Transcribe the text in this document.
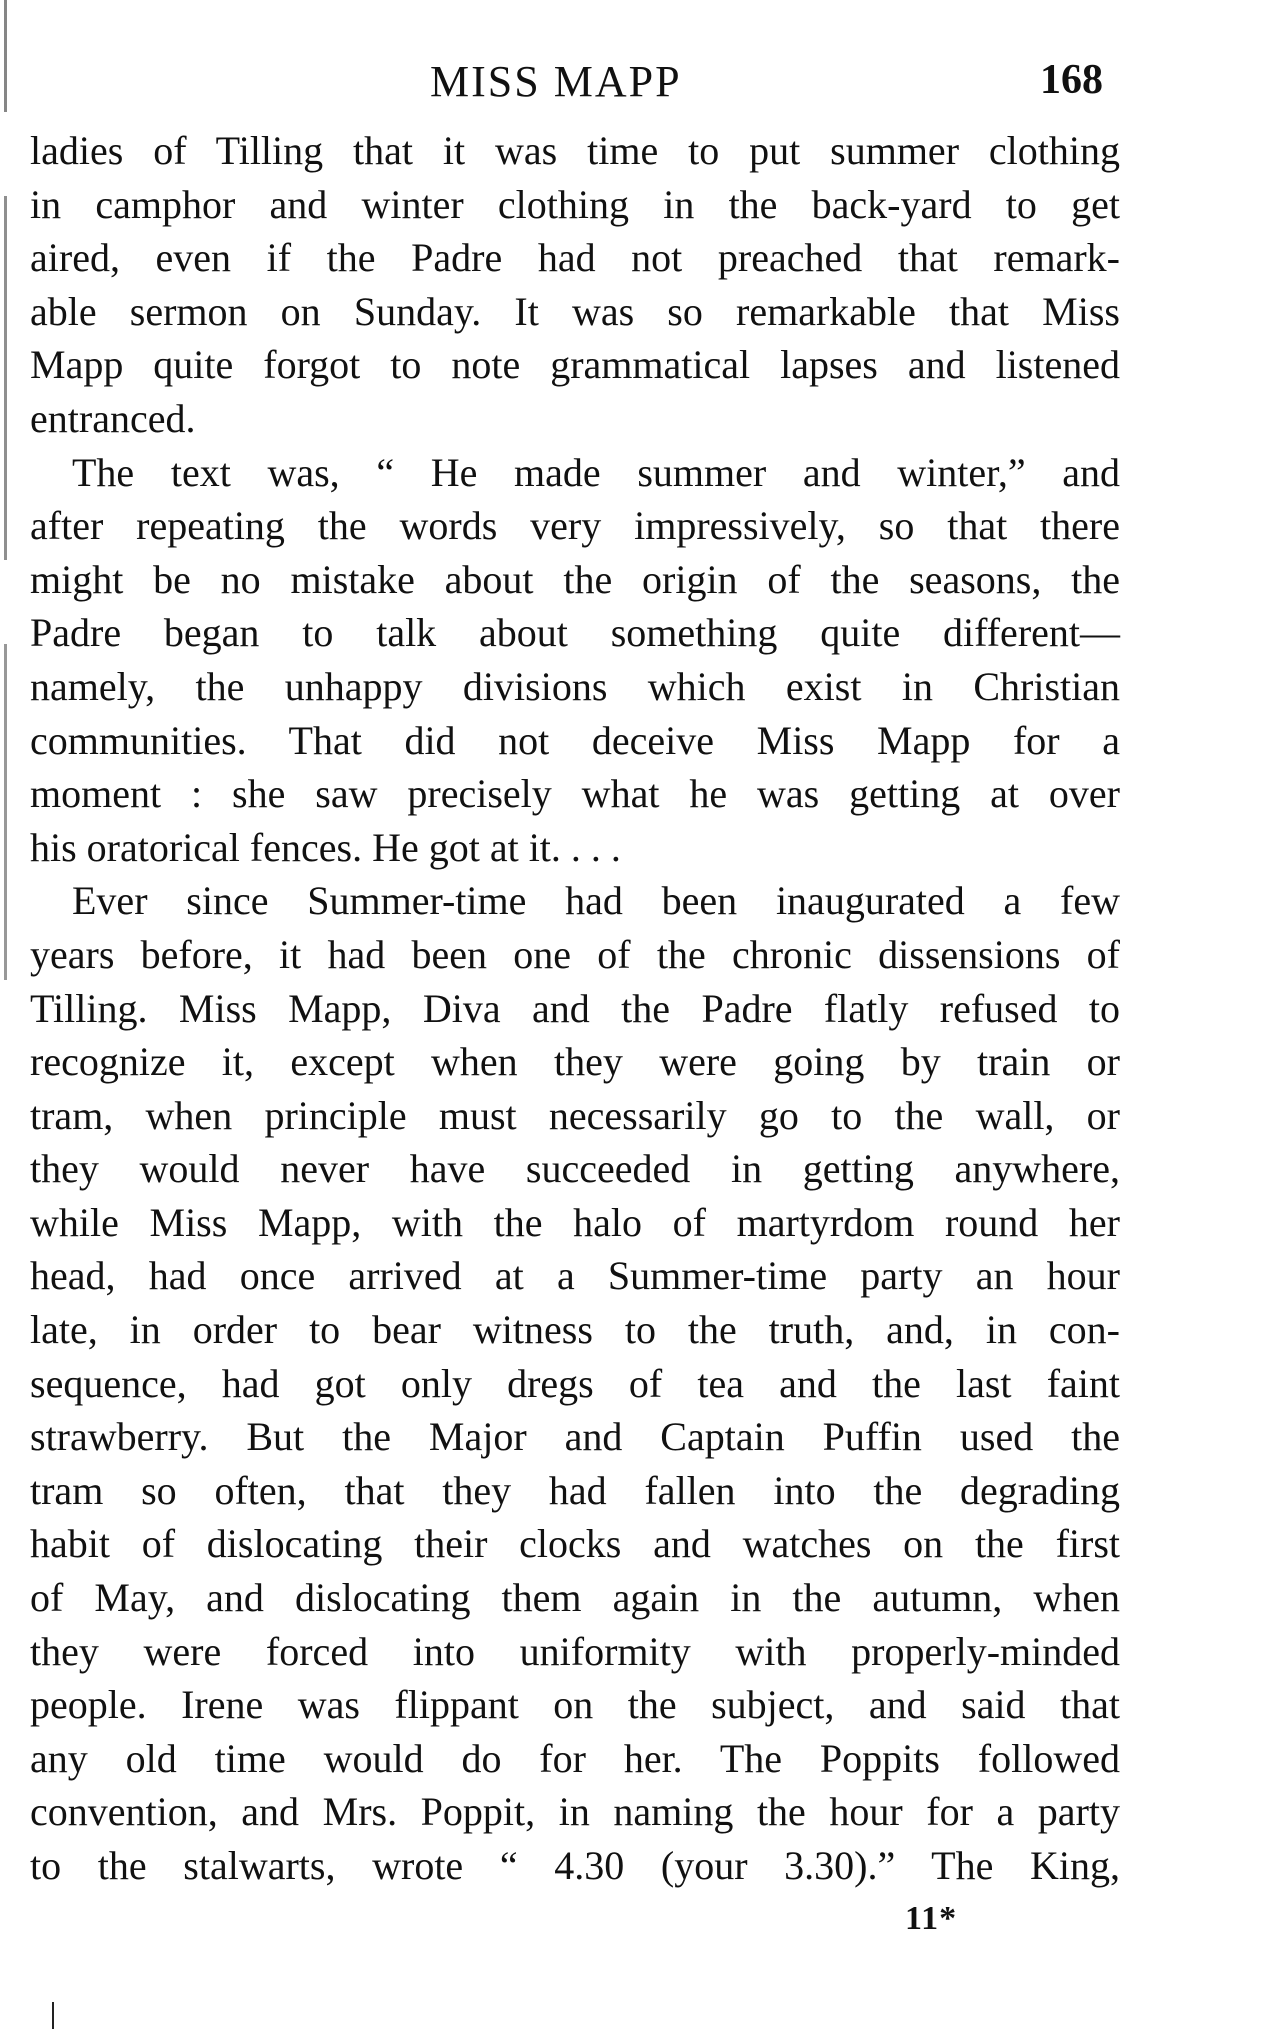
MISS MAPP	168
ladies of Tilling that it was time to put summer clothing
in camphor and winter clothing in the back-yard to get
aired, even if the Padre had not preached that remark-
able sermon on Sunday. It was so remarkable that Miss
Mapp quite forgot to note grammatical lapses and listened
entranced.
The text was, “ He made summer and winter,” and
after repeating the words very impressively, so that there
might be no mistake about the origin of the seasons, the
Padre began to talk about something quite different—
namely, the unhappy divisions which exist in Christian
communities. That did not deceive Miss Mapp for a
moment : she saw precisely what he was getting at over
his oratorical fences. He got at it. . . .
Ever since Summer-time had been inaugurated a few
years before, it had been one of the chronic dissensions of
Tilling. Miss Mapp, Diva and the Padre flatly refused to
recognize it, except when they were going by train or
tram, when principle must necessarily go to the wall, or
they would never have succeeded in getting anywhere,
while Miss Mapp, with the halo of martyrdom round her
head, had once arrived at a Summer-time party an hour
late, in order to bear witness to the truth, and, in con-
sequence, had got only dregs of tea and the last faint
strawberry. But the Major and Captain Puffin used the
tram so often, that they had fallen into the degrading
habit of dislocating their clocks and watches on the first
of May, and dislocating them again in the autumn, when
they were forced into uniformity with properly-minded
people. Irene was flippant on the subject, and said that
any old time would do for her. The Poppits followed
convention, and Mrs. Poppit, in naming the hour for a party
to the stalwarts, wrote “ 4.30 (your 3.30).” The King,
11*
